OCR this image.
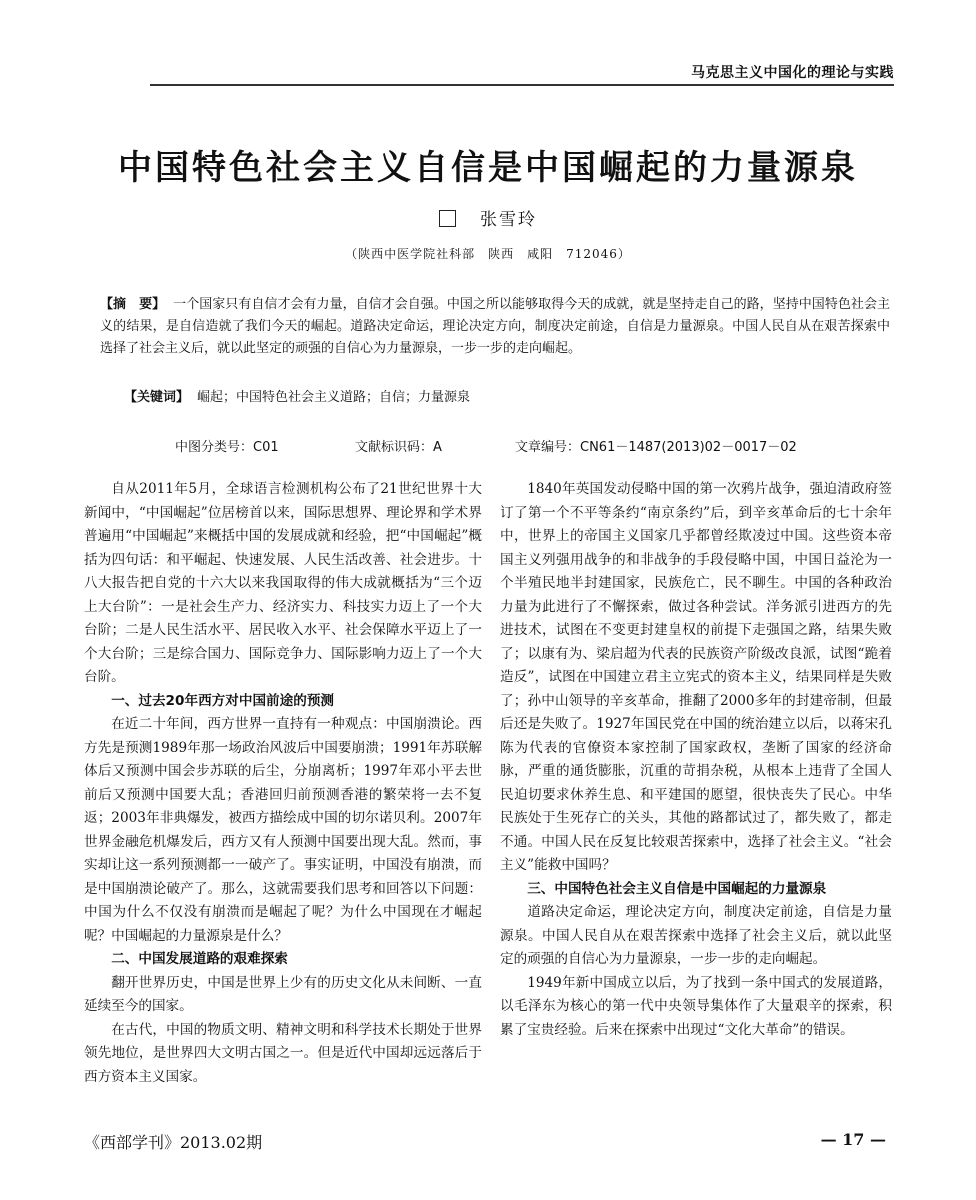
马克思主义中国化的理论与实践
中国特色社会主义自信是中国崛起的力量源泉
张雪玲
（陕西中医学院社科部　陕西　咸阳　712046）
【摘　要】 一个国家只有自信才会有力量，自信才会自强。中国之所以能够取得今天的成就，就是坚持走自己的路，坚持中国特色社会主义的结果，是自信造就了我们今天的崛起。道路决定命运，理论决定方向，制度决定前途，自信是力量源泉。中国人民自从在艰苦探索中选择了社会主义后，就以此坚定的顽强的自信心为力量源泉，一步一步的走向崛起。
【关键词】 崛起；中国特色社会主义道路；自信；力量源泉
中图分类号：C01	文献标识码：A	文章编号：CN61－1487(2013)02－0017－02

自从2011年5月，全球语言检测机构公布了21世纪世界十大新闻中，“中国崛起”位居榜首以来，国际思想界、理论界和学术界普遍用“中国崛起”来概括中国的发展成就和经验，把“中国崛起”概括为四句话：和平崛起、快速发展、人民生活改善、社会进步。十八大报告把自党的十六大以来我国取得的伟大成就概括为“三个迈上大台阶”：一是社会生产力、经济实力、科技实力迈上了一个大台阶；二是人民生活水平、居民收入水平、社会保障水平迈上了一个大台阶；三是综合国力、国际竞争力、国际影响力迈上了一个大台阶。

一、过去20年西方对中国前途的预测

在近二十年间，西方世界一直持有一种观点：中国崩溃论。西方先是预测1989年那一场政治风波后中国要崩溃；1991年苏联解体后又预测中国会步苏联的后尘，分崩离析；1997年邓小平去世前后又预测中国要大乱；香港回归前预测香港的繁荣将一去不复返；2003年非典爆发，被西方描绘成中国的切尔诺贝利。2007年世界金融危机爆发后，西方又有人预测中国要出现大乱。然而，事实却让这一系列预测都一一破产了。事实证明，中国没有崩溃，而是中国崩溃论破产了。那么，这就需要我们思考和回答以下问题：中国为什么不仅没有崩溃而是崛起了呢？为什么中国现在才崛起呢？中国崛起的力量源泉是什么？

二、中国发展道路的艰难探索

翻开世界历史，中国是世界上少有的历史文化从未间断、一直延续至今的国家。

在古代，中国的物质文明、精神文明和科学技术长期处于世界领先地位，是世界四大文明古国之一。但是近代中国却远远落后于西方资本主义国家。

1840年英国发动侵略中国的第一次鸦片战争，强迫清政府签订了第一个不平等条约“南京条约”后，到辛亥革命后的七十余年中，世界上的帝国主义国家几乎都曾经欺凌过中国。这些资本帝国主义列强用战争的和非战争的手段侵略中国，中国日益沦为一个半殖民地半封建国家，民族危亡，民不聊生。中国的各种政治力量为此进行了不懈探索，做过各种尝试。洋务派引进西方的先进技术，试图在不变更封建皇权的前提下走强国之路，结果失败了；以康有为、梁启超为代表的民族资产阶级改良派，试图“跪着造反”，试图在中国建立君主立宪式的资本主义，结果同样是失败了；孙中山领导的辛亥革命，推翻了2000多年的封建帝制，但最后还是失败了。1927年国民党在中国的统治建立以后，以蒋宋孔陈为代表的官僚资本家控制了国家政权，垄断了国家的经济命脉，严重的通货膨胀，沉重的苛捐杂税，从根本上违背了全国人民迫切要求休养生息、和平建国的愿望，很快丧失了民心。中华民族处于生死存亡的关头，其他的路都试过了，都失败了，都走不通。中国人民在反复比较艰苦探索中，选择了社会主义。“社会主义”能救中国吗？

三、中国特色社会主义自信是中国崛起的力量源泉

道路决定命运，理论决定方向，制度决定前途，自信是力量源泉。中国人民自从在艰苦探索中选择了社会主义后，就以此坚定的顽强的自信心为力量源泉，一步一步的走向崛起。

1949年新中国成立以后，为了找到一条中国式的发展道路，以毛泽东为核心的第一代中央领导集体作了大量艰辛的探索，积累了宝贵经验。后来在探索中出现过“文化大革命”的错误。

《西部学刊》2013.02期	— 17 —
